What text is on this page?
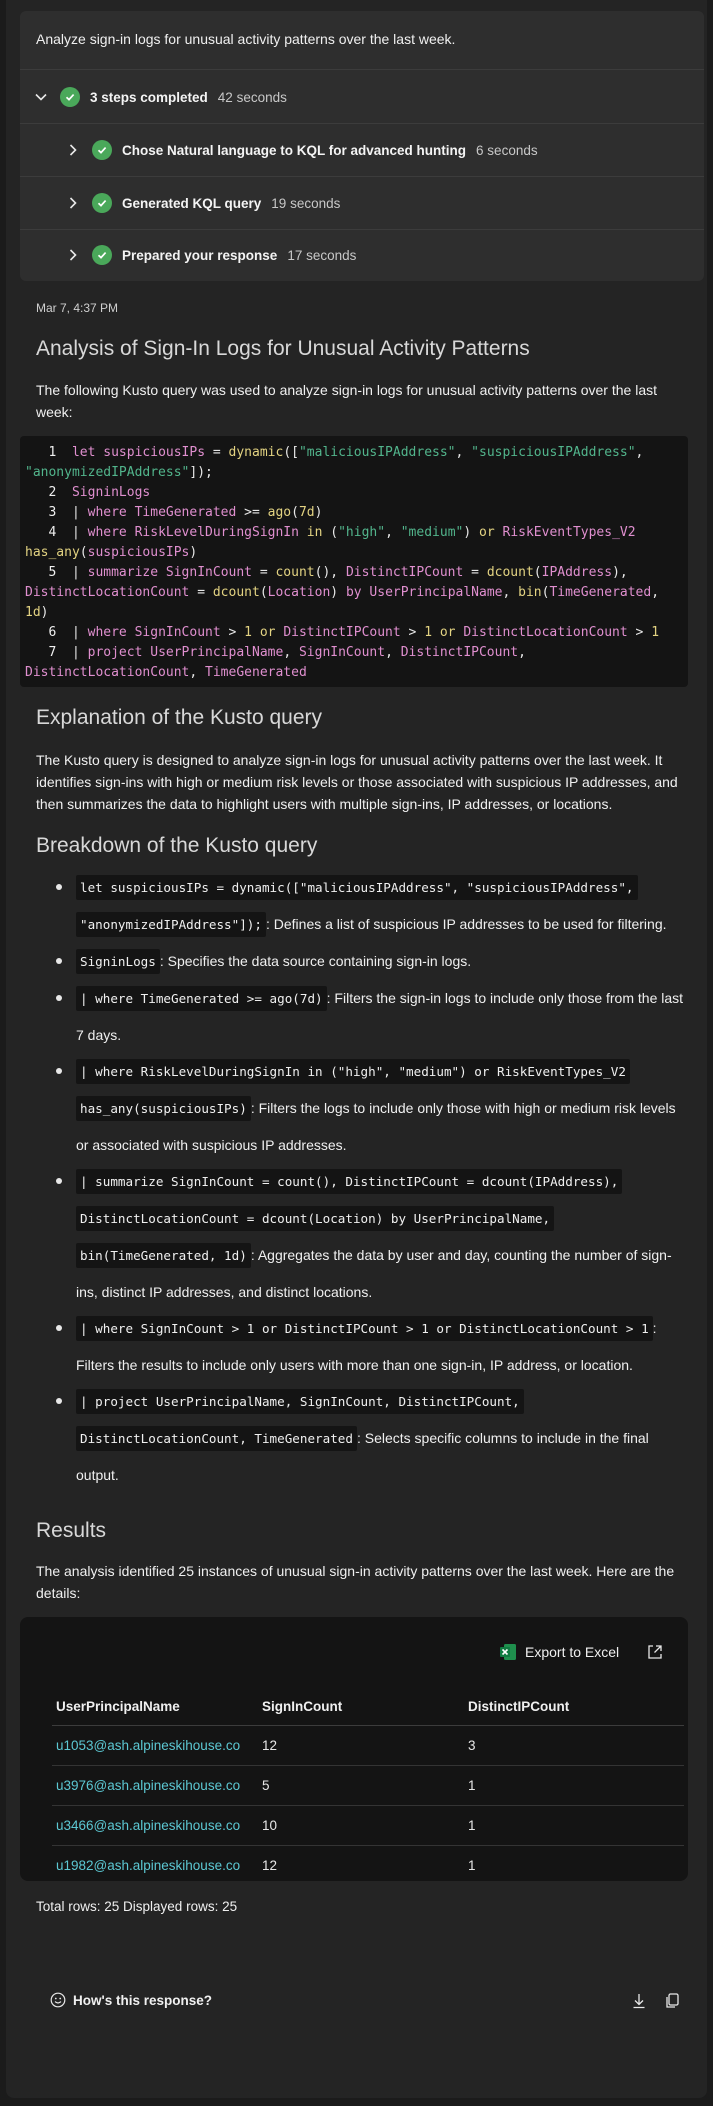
Analyze sign-in logs for unusual activity patterns over the last week.
3 steps completed 42 seconds
Chose Natural language to KQL for advanced hunting 6 seconds
Generated KQL query 19 seconds
Prepared your response 17 seconds
Mar 7, 4:37 PM
Analysis of Sign-In Logs for Unusual Activity Patterns
The following Kusto query was used to analyze sign-in logs for unusual activity patterns over the last week:
1 let suspiciousIPs = dynamic(["maliciousIPAddress", "suspiciousIPAddress",
"anonymizedIPAddress"]);
2 SigninLogs
3  | where TimeGenerated >= ago(7d)
4  | where RiskLevelDuringSignIn in ("high", "medium") or RiskEventTypes_V2
has_any(suspiciousIPs)
5  | summarize SignInCount = count(), DistinctIPCount = dcount(IPAddress),
DistinctLocationCount = dcount(Location) by UserPrincipalName, bin(TimeGenerated,
1d)
6  | where SignInCount > 1 or DistinctIPCount > 1 or DistinctLocationCount > 1
7  | project UserPrincipalName, SignInCount, DistinctIPCount,
DistinctLocationCount, TimeGenerated
Explanation of the Kusto query
The Kusto query is designed to analyze sign-in logs for unusual activity patterns over the last week. It identifies sign-ins with high or medium risk levels or those associated with suspicious IP addresses, and then summarizes the data to highlight users with multiple sign-ins, IP addresses, or locations.
Breakdown of the Kusto query
let suspiciousIPs = dynamic(["maliciousIPAddress", "suspiciousIPAddress", "anonymizedIPAddress"]); : Defines a list of suspicious IP addresses to be used for filtering.
SigninLogs : Specifies the data source containing sign-in logs.
| where TimeGenerated >= ago(7d) : Filters the sign-in logs to include only those from the last 7 days.
| where RiskLevelDuringSignIn in ("high", "medium") or RiskEventTypes_V2 has_any(suspiciousIPs) : Filters the logs to include only those with high or medium risk levels or associated with suspicious IP addresses.
| summarize SignInCount = count(), DistinctIPCount = dcount(IPAddress), DistinctLocationCount = dcount(Location) by UserPrincipalName, bin(TimeGenerated, 1d) : Aggregates the data by user and day, counting the number of sign-ins, distinct IP addresses, and distinct locations.
| where SignInCount > 1 or DistinctIPCount > 1 or DistinctLocationCount > 1 : Filters the results to include only users with more than one sign-in, IP address, or location.
| project UserPrincipalName, SignInCount, DistinctIPCount, DistinctLocationCount, TimeGenerated : Selects specific columns to include in the final output.
Results
The analysis identified 25 instances of unusual sign-in activity patterns over the last week. Here are the details:
Export to Excel
UserPrincipalName	SignInCount	DistinctIPCount
u1053@ash.alpineskihouse.co	12	3
u3976@ash.alpineskihouse.co	5	1
u3466@ash.alpineskihouse.co	10	1
u1982@ash.alpineskihouse.co	12	1
Total rows: 25 Displayed rows: 25
How's this response?
